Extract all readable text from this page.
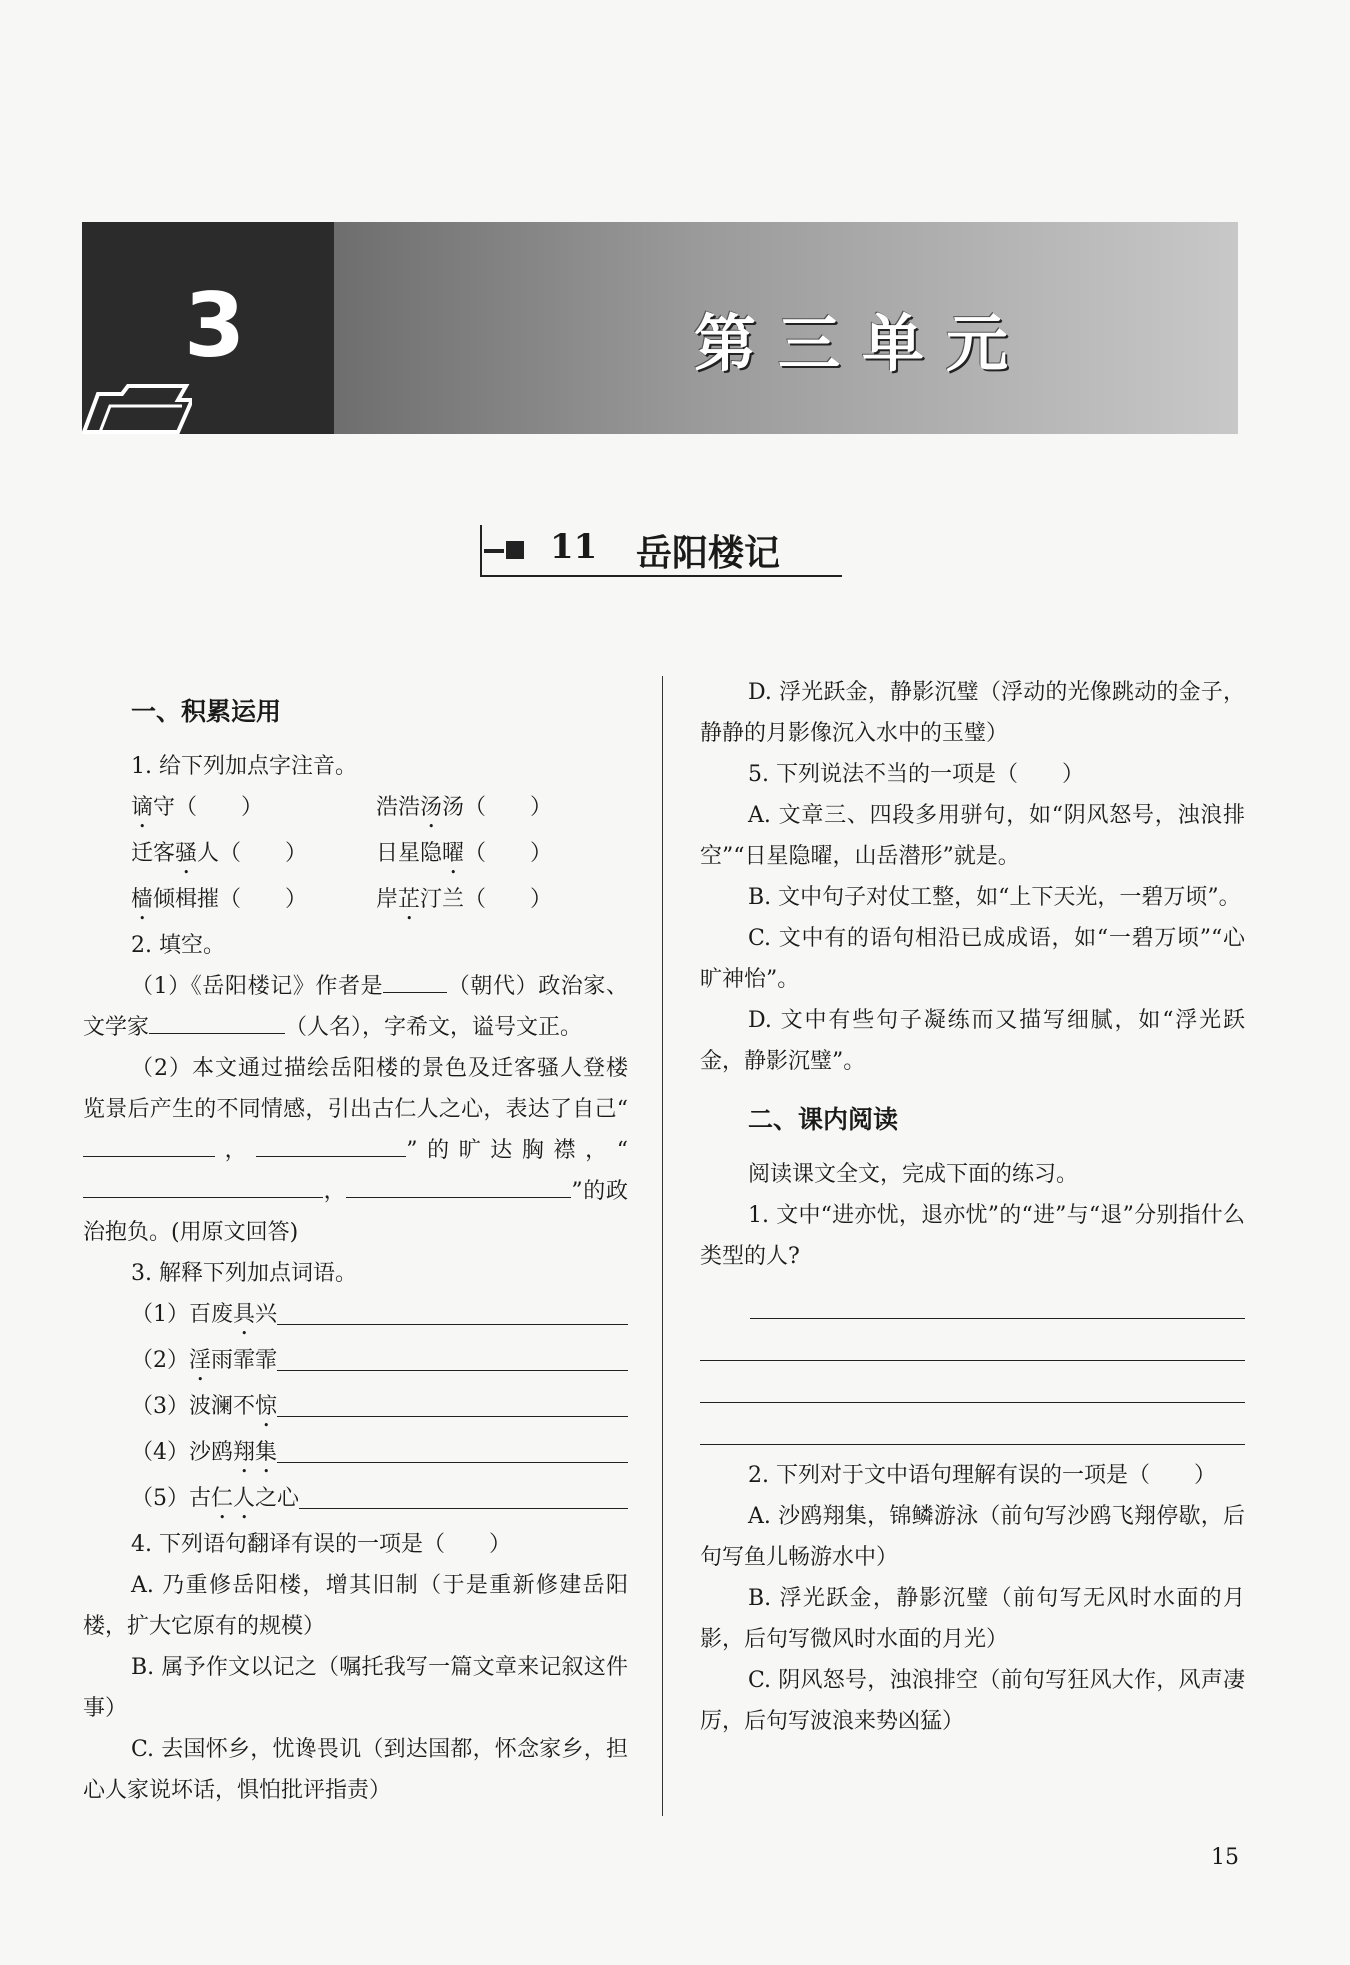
3	第三单元
11 岳阳楼记
一、积累运用

1. 给下列加点字注音。

谪守（　　）	浩浩汤汤（　　）
迁客骚人（　　）	日星隐曜（　　）
樯倾楫摧（　　）	岸芷汀兰（　　）

2. 填空。

（1）《岳阳楼记》作者是	（朝代）政治家、文学家	（人名），字希文，谥号文正。

（2）本文通过描绘岳阳楼的景色及迁客骚人登楼览景后产生的不同情感，引出古仁人之心，表达了自己“，	”的旷达胸襟，“，	”的政治抱负。(用原文回答)

3. 解释下列加点词语。

（1）百废具兴
（2）淫雨霏霏
（3）波澜不惊
（4）沙鸥翔集
（5）古仁人之心

4. 下列语句翻译有误的一项是（　　）

A. 乃重修岳阳楼，增其旧制（于是重新修建岳阳楼，扩大它原有的规模）

B. 属予作文以记之（嘱托我写一篇文章来记叙这件事）

C. 去国怀乡，忧谗畏讥（到达国都，怀念家乡，担心人家说坏话，惧怕批评指责）

D. 浮光跃金，静影沉璧（浮动的光像跳动的金子，静静的月影像沉入水中的玉璧）

5. 下列说法不当的一项是（　　）

A. 文章三、四段多用骈句，如“阴风怒号，浊浪排空”“日星隐曜，山岳潜形”就是。

B. 文中句子对仗工整，如“上下天光，一碧万顷”。

C. 文中有的语句相沿已成成语，如“一碧万顷”“心旷神怡”。

D. 文中有些句子凝练而又描写细腻，如“浮光跃金，静影沉璧”。

二、课内阅读

阅读课文全文，完成下面的练习。

1. 文中“进亦忧，退亦忧”的“进”与“退”分别指什么类型的人?

2. 下列对于文中语句理解有误的一项是（　　）

A. 沙鸥翔集，锦鳞游泳（前句写沙鸥飞翔停歇，后句写鱼儿畅游水中）

B. 浮光跃金，静影沉璧（前句写无风时水面的月影，后句写微风时水面的月光）

C. 阴风怒号，浊浪排空（前句写狂风大作，风声凄厉，后句写波浪来势凶猛）

15
